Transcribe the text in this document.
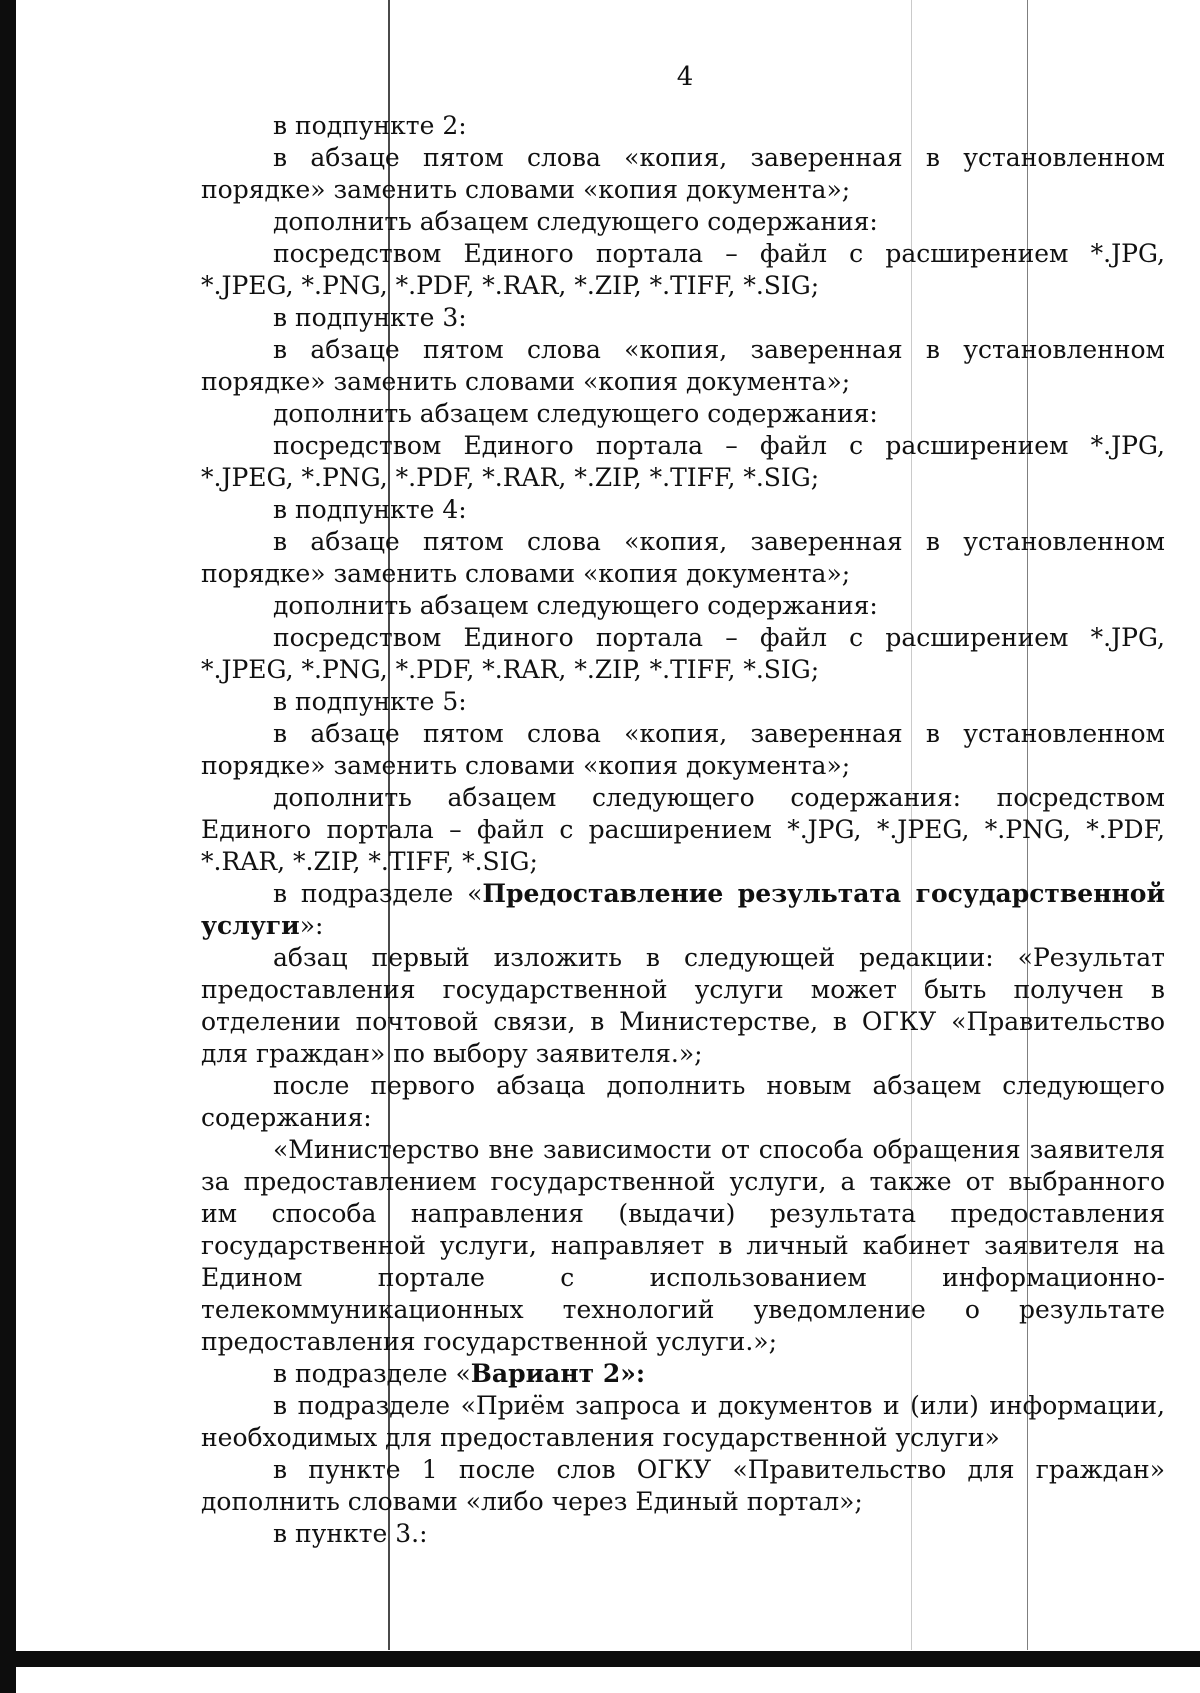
4

в подпункте 2:

в абзаце пятом слова «копия, заверенная в установленном порядке» заменить словами «копия документа»;

дополнить абзацем следующего содержания:

посредством Единого портала – файл с расширением *.JPG, *.JPEG, *.PNG, *.PDF, *.RAR, *.ZIP, *.TIFF, *.SIG;

в подпункте 3:

в абзаце пятом слова «копия, заверенная в установленном порядке» заменить словами «копия документа»;

дополнить абзацем следующего содержания:

посредством Единого портала – файл с расширением *.JPG, *.JPEG, *.PNG, *.PDF, *.RAR, *.ZIP, *.TIFF, *.SIG;

в подпункте 4:

в абзаце пятом слова «копия, заверенная в установленном порядке» заменить словами «копия документа»;

дополнить абзацем следующего содержания:

посредством Единого портала – файл с расширением *.JPG, *.JPEG, *.PNG, *.PDF, *.RAR, *.ZIP, *.TIFF, *.SIG;

в подпункте 5:

в абзаце пятом слова «копия, заверенная в установленном порядке» заменить словами «копия документа»;

дополнить абзацем следующего содержания: посредством Единого портала – файл с расширением *.JPG, *.JPEG, *.PNG, *.PDF, *.RAR, *.ZIP, *.TIFF, *.SIG;

в подразделе «Предоставление результата государственной услуги»:

абзац первый изложить в следующей редакции: «Результат предоставления государственной услуги может быть получен в отделении почтовой связи, в Министерстве, в ОГКУ «Правительство для граждан» по выбору заявителя.»;

после первого абзаца дополнить новым абзацем следующего содержания:

«Министерство вне зависимости от способа обращения заявителя за предоставлением государственной услуги, а также от выбранного им способа направления (выдачи) результата предоставления государственной услуги, направляет в личный кабинет заявителя на Едином портале с использованием информационно-телекоммуникационных технологий уведомление о результате предоставления государственной услуги.»;

в подразделе «Вариант 2»:

в подразделе «Приём запроса и документов и (или) информации, необходимых для предоставления государственной услуги»

в пункте 1 после слов ОГКУ «Правительство для граждан» дополнить словами «либо через Единый портал»;

в пункте 3.:
